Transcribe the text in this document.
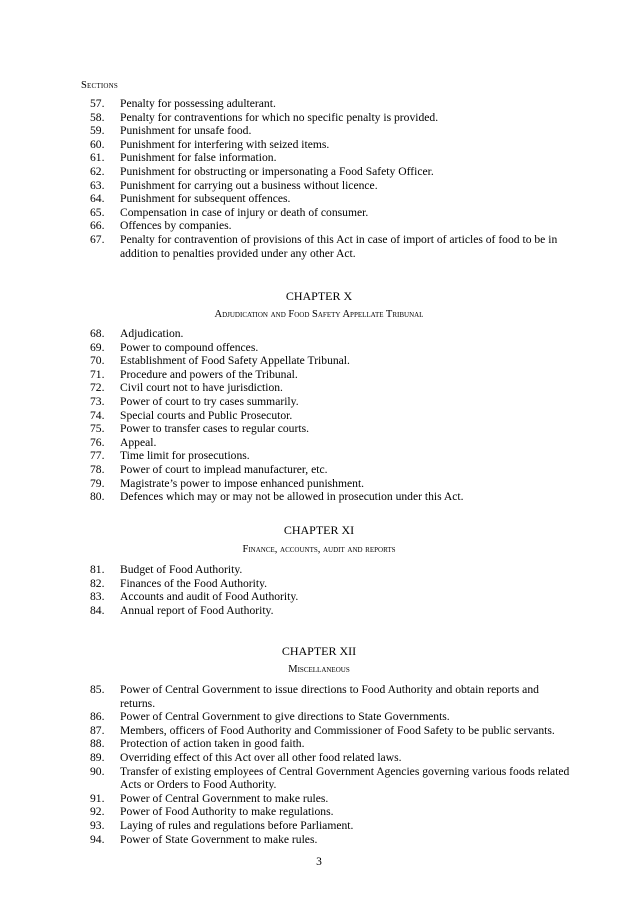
Sections
57.	Penalty for possessing adulterant.
58.	Penalty for contraventions for which no specific penalty is provided.
59.	Punishment for unsafe food.
60.	Punishment for interfering with seized items.
61.	Punishment for false information.
62.	Punishment for obstructing or impersonating a Food Safety Officer.
63.	Punishment for carrying out a business without licence.
64.	Punishment for subsequent offences.
65.	Compensation in case of injury or death of consumer.
66.	Offences by companies.
67.	Penalty for contravention of provisions of this Act in case of import of articles of food to be in addition to penalties provided under any other Act.
CHAPTER X
Adjudication and Food Safety Appellate Tribunal
68.	Adjudication.
69.	Power to compound offences.
70.	Establishment of Food Safety Appellate Tribunal.
71.	Procedure and powers of the Tribunal.
72.	Civil court not to have jurisdiction.
73.	Power of court to try cases summarily.
74.	Special courts and Public Prosecutor.
75.	Power to transfer cases to regular courts.
76.	Appeal.
77.	Time limit for prosecutions.
78.	Power of court to implead manufacturer, etc.
79.	Magistrate’s power to impose enhanced punishment.
80.	Defences which may or may not be allowed in prosecution under this Act.
CHAPTER XI
Finance, accounts, audit and reports
81.	Budget of Food Authority.
82.	Finances of the Food Authority.
83.	Accounts and audit of Food Authority.
84.	Annual report of Food Authority.
CHAPTER XII
Miscellaneous
85.	Power of Central Government to issue directions to Food Authority and obtain reports and returns.
86.	Power of Central Government to give directions to State Governments.
87.	Members, officers of Food Authority and Commissioner of Food Safety to be public servants.
88.	Protection of action taken in good faith.
89.	Overriding effect of this Act over all other food related laws.
90.	Transfer of existing employees of Central Government Agencies governing various foods related Acts or Orders to Food Authority.
91.	Power of Central Government to make rules.
92.	Power of Food Authority to make regulations.
93.	Laying of rules and regulations before Parliament.
94.	Power of State Government to make rules.
3
